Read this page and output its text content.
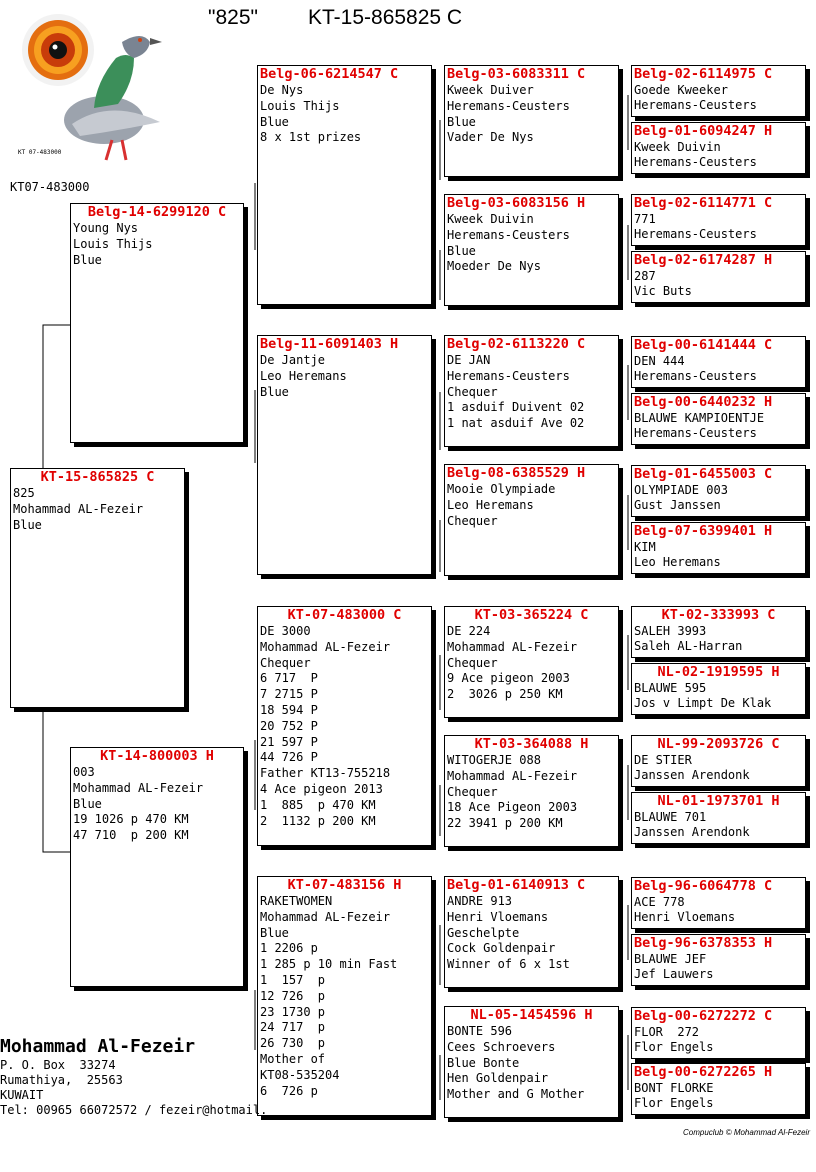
"825" KT-15-865825 C
KT 07-483000
KT07-483000
KT-15-865825 C
825
Mohammad AL-Fezeir
Blue
Belg-14-6299120 C
Young Nys
Louis Thijs
Blue
KT-14-800003 H
003
Mohammad AL-Fezeir
Blue
19 1026 p 470 KM
47 710  p 200 KM
Belg-06-6214547 C
De Nys
Louis Thijs
Blue
8 x 1st prizes
Belg-11-6091403 H
De Jantje
Leo Heremans
Blue
KT-07-483000 C
DE 3000
Mohammad AL-Fezeir
Chequer
6 717  P
7 2715 P
18 594 P
20 752 P
21 597 P
44 726 P
Father KT13-755218
4 Ace pigeon 2013
1  885  p 470 KM
2  1132 p 200 KM
KT-07-483156 H
RAKETWOMEN
Mohammad AL-Fezeir
Blue
1 2206 p
1 285 p 10 min Fast
1  157  p
12 726  p
23 1730 p
24 717  p
26 730  p
Mother of
KT08-535204
6  726 p
Belg-03-6083311 C
Kweek Duiver
Heremans-Ceusters
Blue
Vader De Nys
Belg-03-6083156 H
Kweek Duivin
Heremans-Ceusters
Blue
Moeder De Nys
Belg-02-6113220 C
DE JAN
Heremans-Ceusters
Chequer
1 asduif Duivent 02
1 nat asduif Ave 02
Belg-08-6385529 H
Mooie Olympiade
Leo Heremans
Chequer
KT-03-365224 C
DE 224
Mohammad AL-Fezeir
Chequer
9 Ace pigeon 2003
2  3026 p 250 KM
KT-03-364088 H
WITOGERJE 088
Mohammad AL-Fezeir
Chequer
18 Ace Pigeon 2003
22 3941 p 200 KM
Belg-01-6140913 C
ANDRE 913
Henri Vloemans
Geschelpte
Cock Goldenpair
Winner of 6 x 1st
NL-05-1454596 H
BONTE 596
Cees Schroevers
Blue Bonte
Hen Goldenpair
Mother and G Mother
Belg-02-6114975 C
Goede Kweeker
Heremans-Ceusters
Belg-01-6094247 H
Kweek Duivin
Heremans-Ceusters
Belg-02-6114771 C
771
Heremans-Ceusters
Belg-02-6174287 H
287
Vic Buts
Belg-00-6141444 C
DEN 444
Heremans-Ceusters
Belg-00-6440232 H
BLAUWE KAMPIOENTJE
Heremans-Ceusters
Belg-01-6455003 C
OLYMPIADE 003
Gust Janssen
Belg-07-6399401 H
KIM
Leo Heremans
KT-02-333993 C
SALEH 3993
Saleh AL-Harran
NL-02-1919595 H
BLAUWE 595
Jos v Limpt De Klak
NL-99-2093726 C
DE STIER
Janssen Arendonk
NL-01-1973701 H
BLAUWE 701
Janssen Arendonk
Belg-96-6064778 C
ACE 778
Henri Vloemans
Belg-96-6378353 H
BLAUWE JEF
Jef Lauwers
Belg-00-6272272 C
FLOR  272
Flor Engels
Belg-00-6272265 H
BONT FLORKE
Flor Engels
Mohammad Al-Fezeir
P. O. Box  33274
Rumathiya,  25563
KUWAIT
Tel: 00965 66072572 / fezeir@hotmail.
Compuclub © Mohammad Al-Fezeir
